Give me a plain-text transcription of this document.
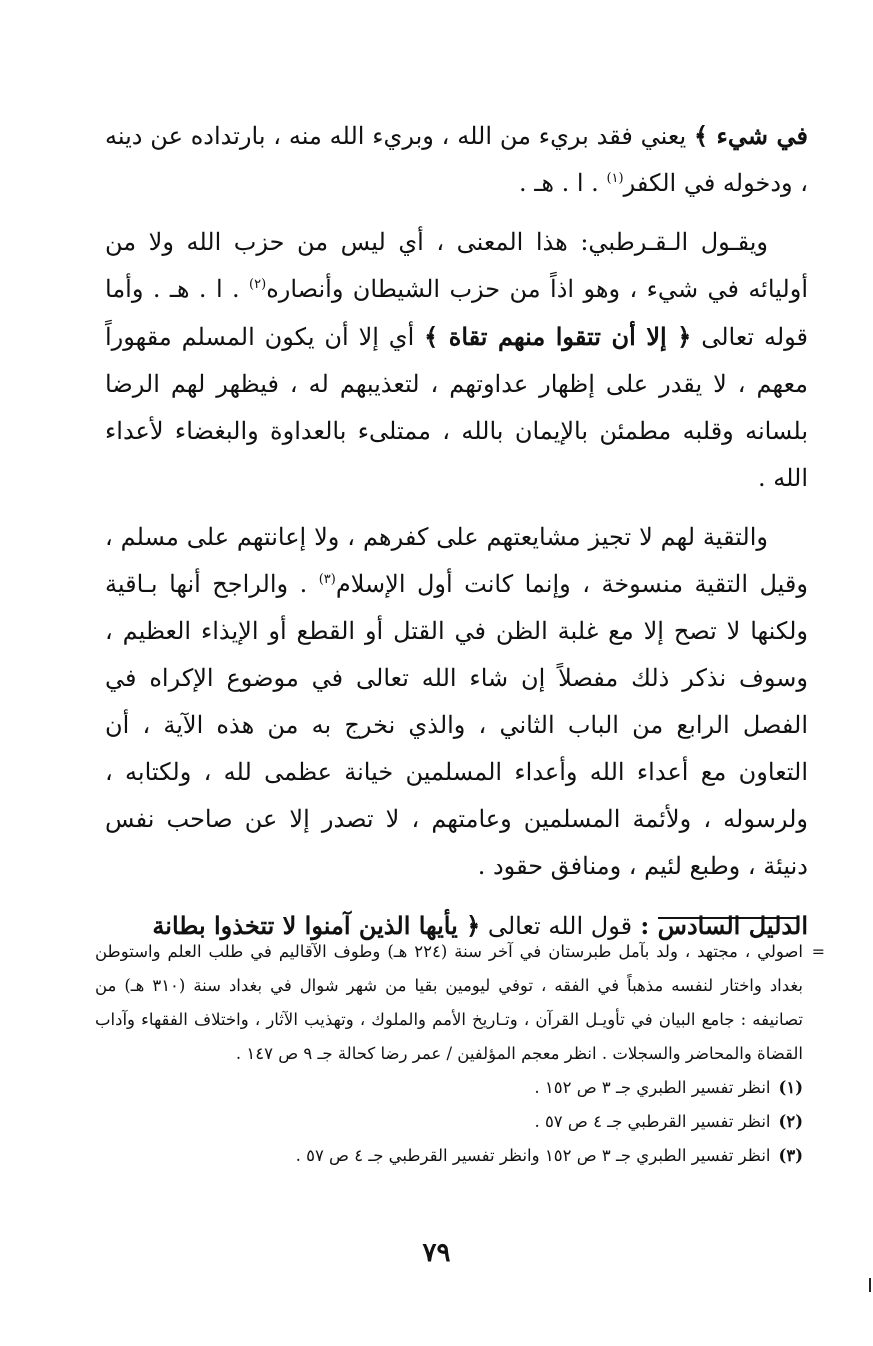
في شيء ﴾ يعني فقد بريء من الله ، وبريء الله منه ، بارتداده عن دينه ، ودخوله في الكفر$^{(١)}$ . ا . هـ .

ويقـول الـقـرطبي: هذا المعنى ، أي ليس من حزب الله ولا من أوليائه في شيء ، وهو اذاً من حزب الشيطان وأنصاره$^{(٢)}$ . ا . هـ . وأما قوله تعالى ﴿ إلا أن تتقوا منهم تقاة ﴾ أي إلا أن يكون المسلم مقهوراً معهم ، لا يقدر على إظهار عداوتهم ، لتعذيبهم له ، فيظهر لهم الرضا بلسانه وقلبه مطمئن بالإيمان بالله ، ممتلىء بالعداوة والبغضاء لأعداء الله .

والتقية لهم لا تجيز مشايعتهم على كفرهم ، ولا إعانتهم على مسلم ، وقيل التقية منسوخة ، وإنما كانت أول الإسلام$^{(٣)}$ . والراجح أنها بـاقية ولكنها لا تصح إلا مع غلبة الظن في القتل أو القطع أو الإيذاء العظيم ، وسوف نذكر ذلك مفصلاً إن شاء الله تعالى في موضوع الإكراه في الفصل الرابع من الباب الثاني ، والذي نخرج به من هذه الآية ، أن التعاون مع أعداء الله وأعداء المسلمين خيانة عظمى لله ، ولكتابه ، ولرسوله ، ولأئمة المسلمين وعامتهم ، لا تصدر إلا عن صاحب نفس دنيئة ، وطبع لئيم ، ومنافق حقود .

الدليل السادس : قول الله تعالى ﴿ يأيها الذين آمنوا لا تتخذوا بطانة

=
اصولي ، مجتهد ، ولد بآمل طبرستان في آخر سنة (٢٢٤ هـ) وطوف الآقاليم في طلب العلم واستوطن بغداد واختار لنفسه مذهباً في الفقه ، توفي ليومين بقيا من شهر شوال في بغداد سنة (٣١٠ هـ) من تصانيفه : جامع البيان في تأويـل القرآن ، وتـاريخ الأمم والملوك ، وتهذيب الآثار ، واختلاف الفقهاء وآداب القضاة والمحاضر والسجلات . انظر معجم المؤلفين / عمر رضا كحالة جـ ٩ ص ١٤٧ .
(١)انظر تفسير الطبري جـ ٣ ص ١٥٢ .
(٢)انظر تفسير القرطبي جـ ٤ ص ٥٧ .
(٣)انظر تفسير الطبري جـ ٣ ص ١٥٢ وانظر تفسير القرطبي جـ ٤ ص ٥٧ .
٧٩
